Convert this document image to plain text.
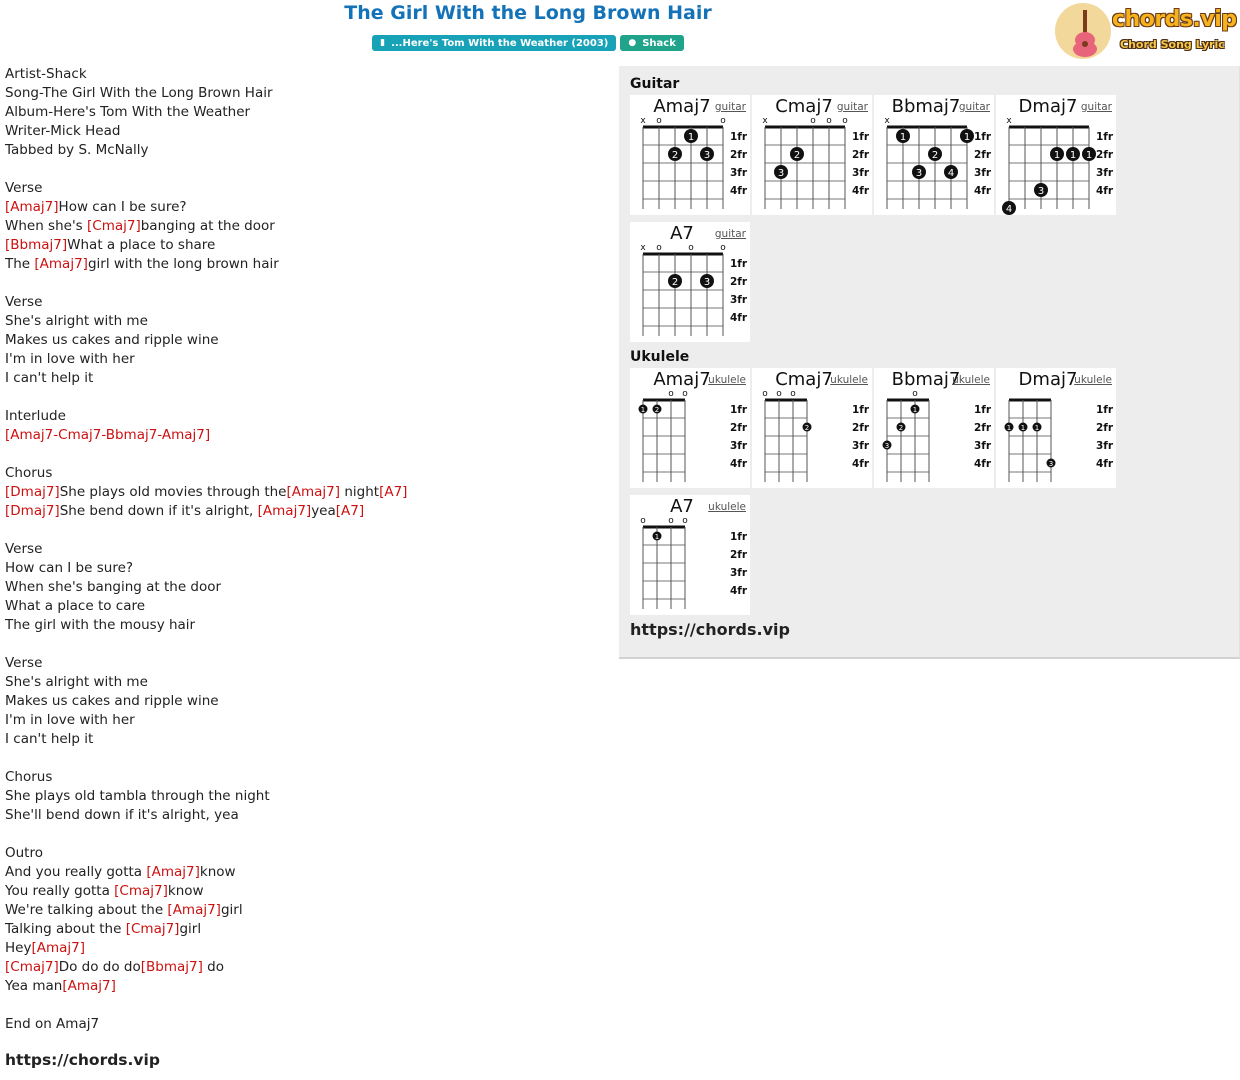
The Girl With the Long Brown Hair
▮ ...Here's Tom With the Weather (2003) ● Shack
chords.vip
Chord Song Lyric
Artist-Shack
Song-The Girl With the Long Brown Hair
Album-Here's Tom With the Weather
Writer-Mick Head
Tabbed by S. McNally
Verse
[Amaj7]How can I be sure?
When she's [Cmaj7]banging at the door
[Bbmaj7]What a place to share
The [Amaj7]girl with the long brown hair
Verse
She's alright with me
Makes us cakes and ripple wine
I'm in love with her
I can't help it
Interlude
[Amaj7-Cmaj7-Bbmaj7-Amaj7]
Chorus
[Dmaj7]She plays old movies through the[Amaj7] night[A7]
[Dmaj7]She bend down if it's alright, [Amaj7]yea[A7]
Verse
How can I be sure?
When she's banging at the door
What a place to care
The girl with the mousy hair
Verse
She's alright with me
Makes us cakes and ripple wine
I'm in love with her
I can't help it
Chorus
She plays old tambla through the night
She'll bend down if it's alright, yea
Outro
And you really gotta [Amaj7]know
You really gotta [Cmaj7]know
We're talking about the [Amaj7]girl
Talking about the [Cmaj7]girl
Hey[Amaj7]
[Cmaj7]Do do do do[Bbmaj7] do
Yea man[Amaj7]
End on Amaj7
https://chords.vip
Guitar
1fr
2fr
3fr
4fr
x o	o
1
2	3
Amaj7 guitar
1fr
2fr
3fr
4fr
x	o o o
2
3
Cmaj7 guitar
1fr
2fr
3fr
4fr
x
1	1
2
3	4
Bbmaj7
guitar
1fr
2fr
3fr
4fr
x
1 1 1
3
4
Dmaj7 guitar
1fr
2fr
3fr
4fr
x o	o	o
2	3
A7	guitar
Ukulele
1fr
2fr
3fr
4fr
o o
1 2
Amaj7
ukulele
1fr
2fr
3fr
4fr
o o o
2
Cmaj7
ukulele
1fr
2fr
3fr
4fr
o
1
2
3
Bbmaj7
ukulele
1fr
2fr
3fr
4fr
1 1 1
3
Dmaj7
ukulele
1fr
2fr
3fr
4fr
o o o
1
A7	ukulele
https://chords.vip
